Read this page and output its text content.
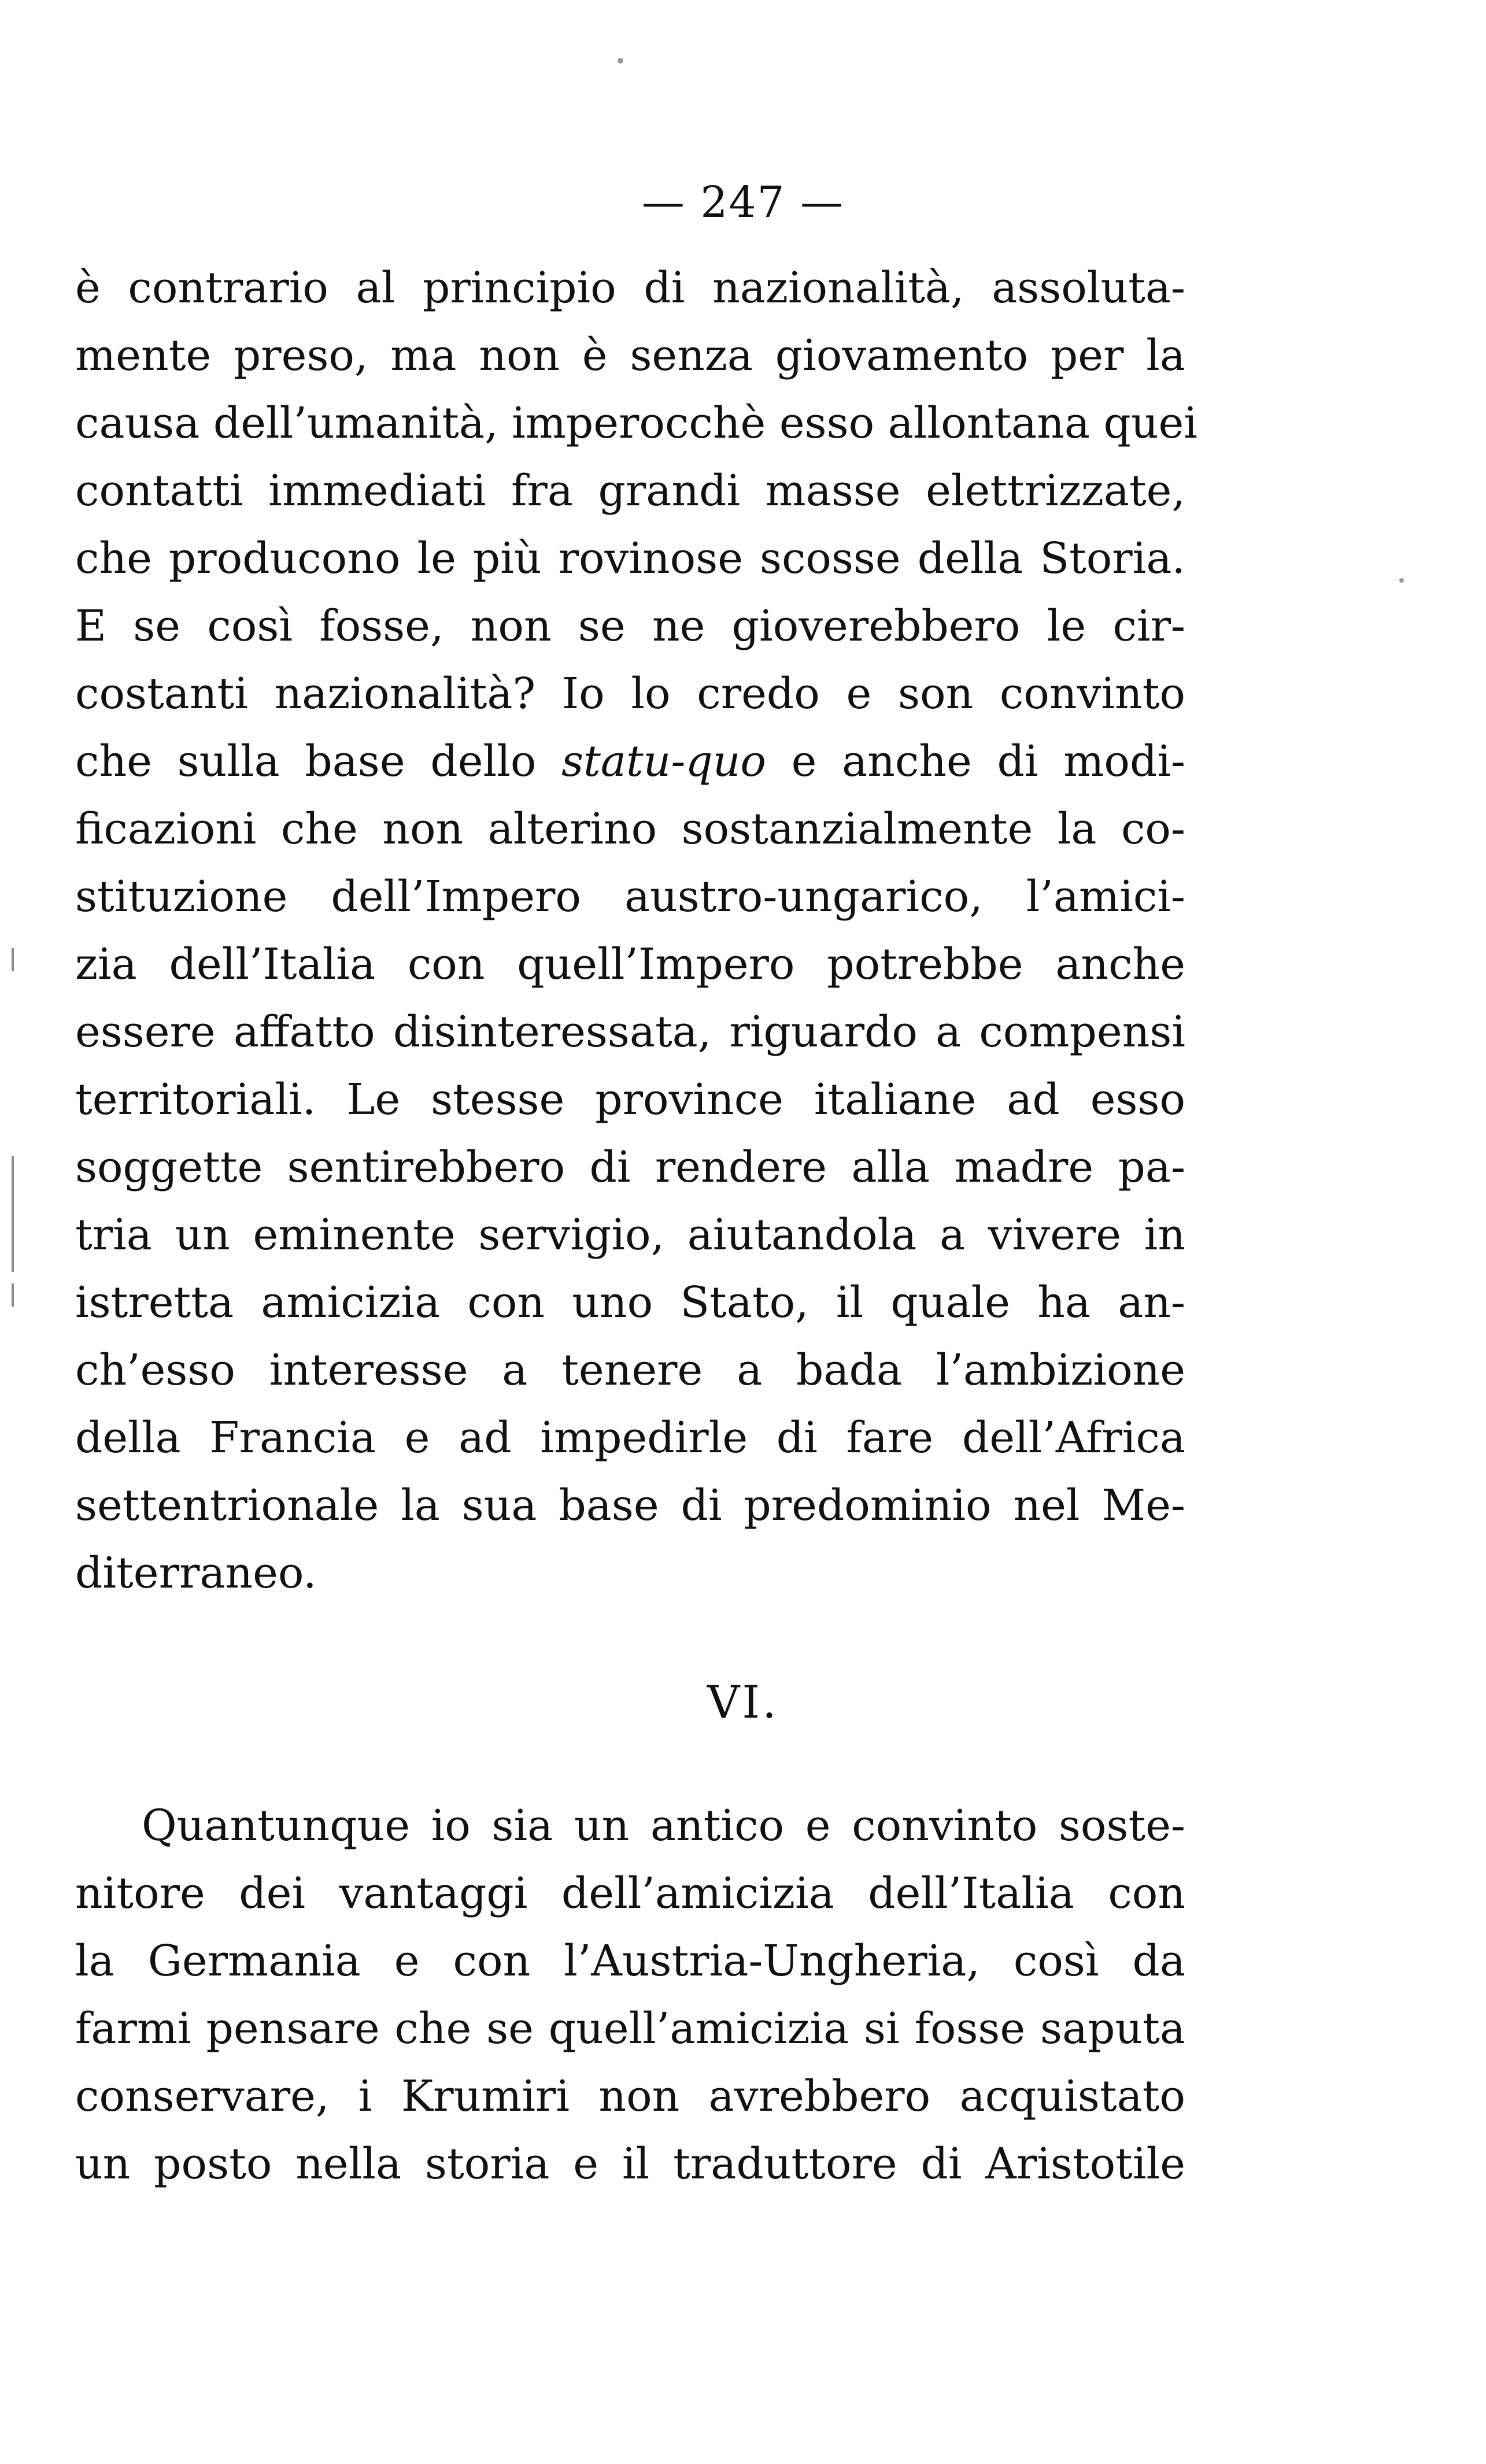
— 247 —
è contrario al principio di nazionalità, assoluta-
mente preso, ma non è senza giovamento per la
causa dell’umanità, imperocchè esso allontana quei
contatti immediati fra grandi masse elettrizzate,
che producono le più rovinose scosse della Storia.
E se così fosse, non se ne gioverebbero le cir-
costanti nazionalità? Io lo credo e son convinto
che sulla base dello statu-quo e anche di modi-
ficazioni che non alterino sostanzialmente la co-
stituzione dell’Impero austro-ungarico, l’amici-
zia dell’Italia con quell’Impero potrebbe anche
essere affatto disinteressata, riguardo a compensi
territoriali. Le stesse province italiane ad esso
soggette sentirebbero di rendere alla madre pa-
tria un eminente servigio, aiutandola a vivere in
istretta amicizia con uno Stato, il quale ha an-
ch’esso interesse a tenere a bada l’ambizione
della Francia e ad impedirle di fare dell’Africa
settentrionale la sua base di predominio nel Me-
diterraneo.
VI.
Quantunque io sia un antico e convinto soste-
nitore dei vantaggi dell’amicizia dell’Italia con
la Germania e con l’Austria-Ungheria, così da
farmi pensare che se quell’amicizia si fosse saputa
conservare, i Krumiri non avrebbero acquistato
un posto nella storia e il traduttore di Aristotile
